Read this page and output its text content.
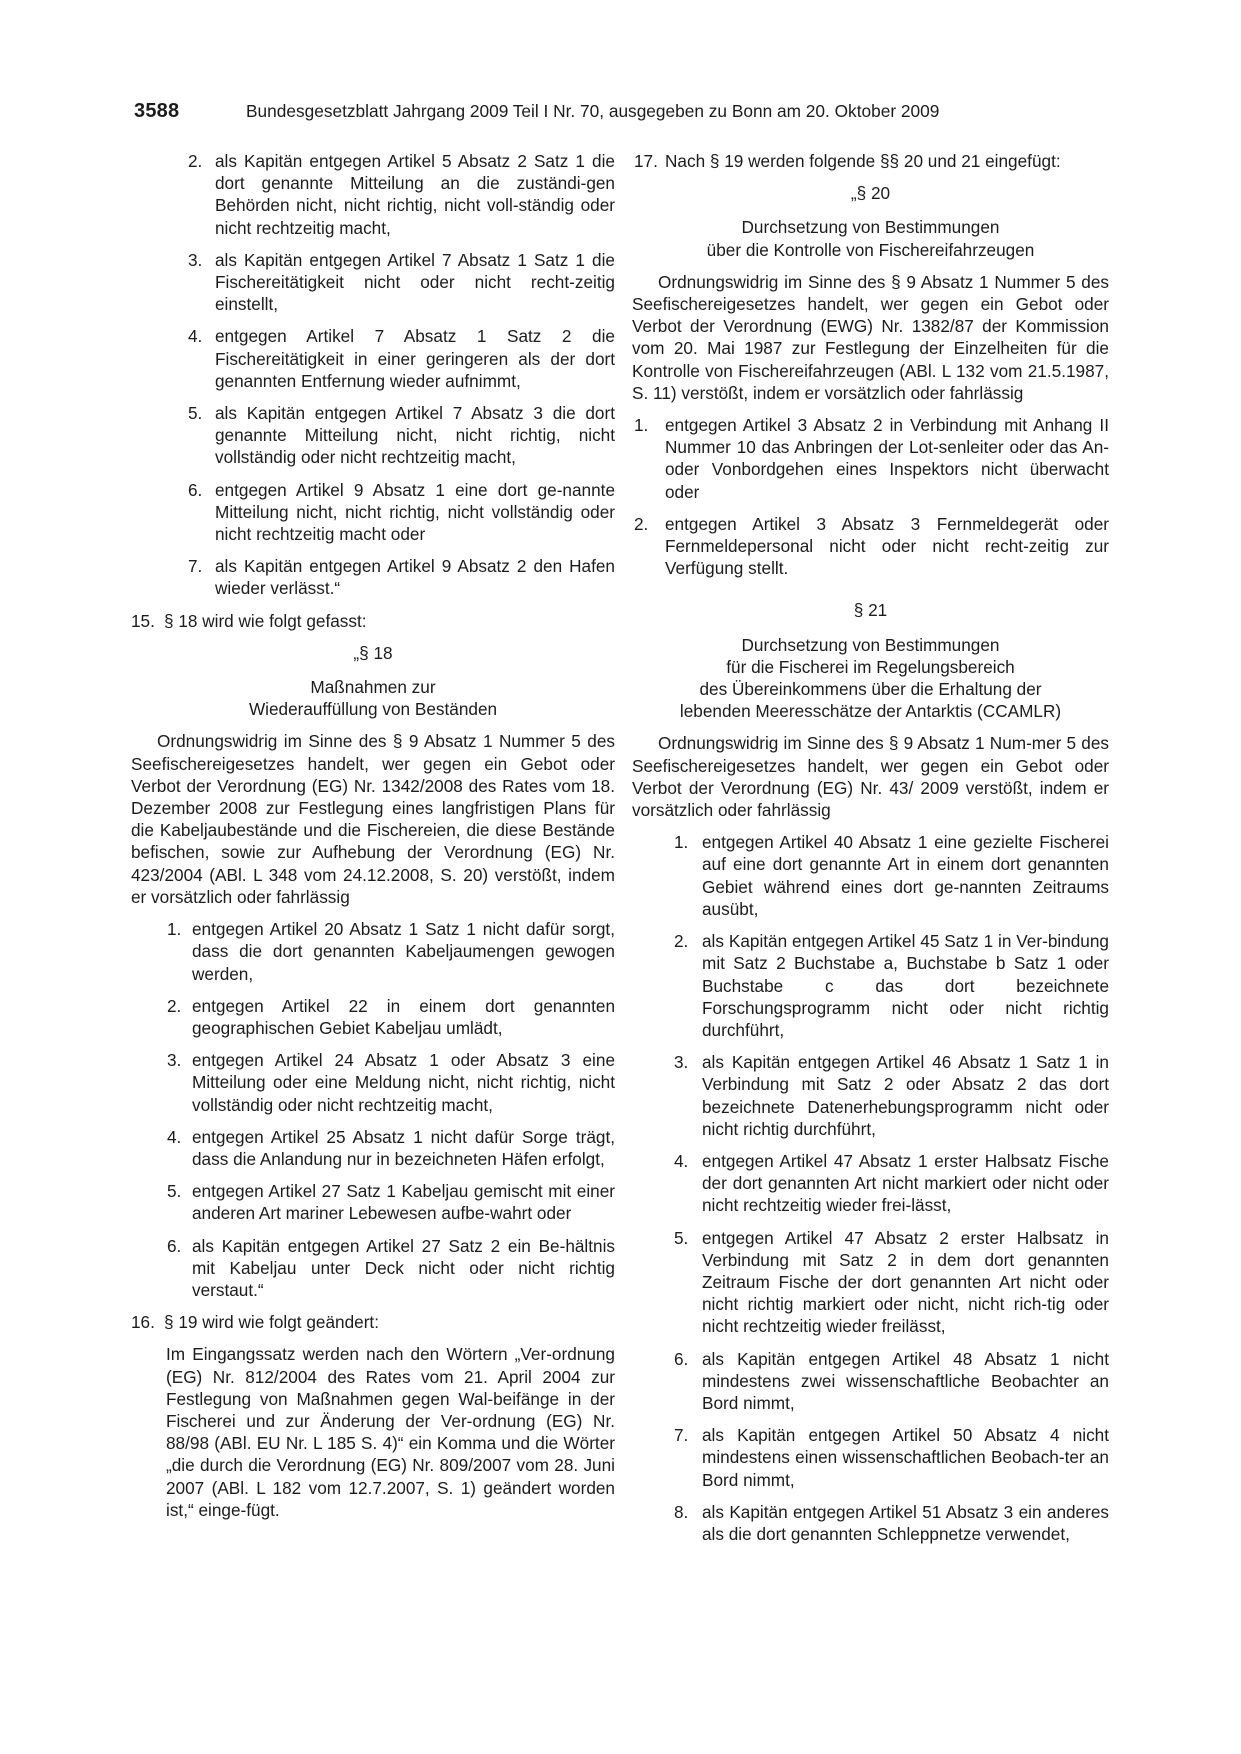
3588	Bundesgesetzblatt Jahrgang 2009 Teil I Nr. 70, ausgegeben zu Bonn am 20. Oktober 2009
2. als Kapitän entgegen Artikel 5 Absatz 2 Satz 1 die dort genannte Mitteilung an die zuständi-gen Behörden nicht, nicht richtig, nicht voll-ständig oder nicht rechtzeitig macht,
3. als Kapitän entgegen Artikel 7 Absatz 1 Satz 1 die Fischereitätigkeit nicht oder nicht recht-zeitig einstellt,
4. entgegen Artikel 7 Absatz 1 Satz 2 die Fischereitätigkeit in einer geringeren als der dort genannten Entfernung wieder aufnimmt,
5. als Kapitän entgegen Artikel 7 Absatz 3 die dort genannte Mitteilung nicht, nicht richtig, nicht vollständig oder nicht rechtzeitig macht,
6. entgegen Artikel 9 Absatz 1 eine dort ge-nannte Mitteilung nicht, nicht richtig, nicht vollständig oder nicht rechtzeitig macht oder
7. als Kapitän entgegen Artikel 9 Absatz 2 den Hafen wieder verlässt.“
15. § 18 wird wie folgt gefasst:
„§ 18
Maßnahmen zur
Wiederauffüllung von Beständen
Ordnungswidrig im Sinne des § 9 Absatz 1 Nummer 5 des Seefischereigesetzes handelt, wer gegen ein Gebot oder Verbot der Verordnung (EG) Nr. 1342/2008 des Rates vom 18. Dezember 2008 zur Festlegung eines langfristigen Plans für die Kabeljaubestände und die Fischereien, die diese Bestände befischen, sowie zur Aufhebung der Verordnung (EG) Nr. 423/2004 (ABl. L 348 vom 24.12.2008, S. 20) verstößt, indem er vorsätzlich oder fahrlässig
1. entgegen Artikel 20 Absatz 1 Satz 1 nicht dafür sorgt, dass die dort genannten Kabeljaumengen gewogen werden,
2. entgegen Artikel 22 in einem dort genannten geographischen Gebiet Kabeljau umlädt,
3. entgegen Artikel 24 Absatz 1 oder Absatz 3 eine Mitteilung oder eine Meldung nicht, nicht richtig, nicht vollständig oder nicht rechtzeitig macht,
4. entgegen Artikel 25 Absatz 1 nicht dafür Sorge trägt, dass die Anlandung nur in bezeichneten Häfen erfolgt,
5. entgegen Artikel 27 Satz 1 Kabeljau gemischt mit einer anderen Art mariner Lebewesen aufbe-wahrt oder
6. als Kapitän entgegen Artikel 27 Satz 2 ein Be-hältnis mit Kabeljau unter Deck nicht oder nicht richtig verstaut.“
16. § 19 wird wie folgt geändert:
Im Eingangssatz werden nach den Wörtern „Ver-ordnung (EG) Nr. 812/2004 des Rates vom 21. April 2004 zur Festlegung von Maßnahmen gegen Wal-beifänge in der Fischerei und zur Änderung der Ver-ordnung (EG) Nr. 88/98 (ABl. EU Nr. L 185 S. 4)“ ein Komma und die Wörter „die durch die Verordnung (EG) Nr. 809/2007 vom 28. Juni 2007 (ABl. L 182 vom 12.7.2007, S. 1) geändert worden ist,“ einge-fügt.
17. Nach § 19 werden folgende §§ 20 und 21 eingefügt:
„§ 20
Durchsetzung von Bestimmungen
über die Kontrolle von Fischereifahrzeugen
Ordnungswidrig im Sinne des § 9 Absatz 1 Nummer 5 des Seefischereigesetzes handelt, wer gegen ein Gebot oder Verbot der Verordnung (EWG) Nr. 1382/87 der Kommission vom 20. Mai 1987 zur Festlegung der Einzelheiten für die Kontrolle von Fischereifahrzeugen (ABl. L 132 vom 21.5.1987, S. 11) verstößt, indem er vorsätzlich oder fahrlässig
1. entgegen Artikel 3 Absatz 2 in Verbindung mit Anhang II Nummer 10 das Anbringen der Lot-senleiter oder das An- oder Vonbordgehen eines Inspektors nicht überwacht oder
2. entgegen Artikel 3 Absatz 3 Fernmeldegerät oder Fernmeldepersonal nicht oder nicht recht-zeitig zur Verfügung stellt.
§ 21
Durchsetzung von Bestimmungen
für die Fischerei im Regelungsbereich
des Übereinkommens über die Erhaltung der
lebenden Meeresschätze der Antarktis (CCAMLR)
Ordnungswidrig im Sinne des § 9 Absatz 1 Num-mer 5 des Seefischereigesetzes handelt, wer gegen ein Gebot oder Verbot der Verordnung (EG) Nr. 43/ 2009 verstößt, indem er vorsätzlich oder fahrlässig
1. entgegen Artikel 40 Absatz 1 eine gezielte Fischerei auf eine dort genannte Art in einem dort genannten Gebiet während eines dort ge-nannten Zeitraums ausübt,
2. als Kapitän entgegen Artikel 45 Satz 1 in Ver-bindung mit Satz 2 Buchstabe a, Buchstabe b Satz 1 oder Buchstabe c das dort bezeichnete Forschungsprogramm nicht oder nicht richtig durchführt,
3. als Kapitän entgegen Artikel 46 Absatz 1 Satz 1 in Verbindung mit Satz 2 oder Absatz 2 das dort bezeichnete Datenerhebungsprogramm nicht oder nicht richtig durchführt,
4. entgegen Artikel 47 Absatz 1 erster Halbsatz Fische der dort genannten Art nicht markiert oder nicht oder nicht rechtzeitig wieder frei-lässt,
5. entgegen Artikel 47 Absatz 2 erster Halbsatz in Verbindung mit Satz 2 in dem dort genannten Zeitraum Fische der dort genannten Art nicht oder nicht richtig markiert oder nicht, nicht rich-tig oder nicht rechtzeitig wieder freilässt,
6. als Kapitän entgegen Artikel 48 Absatz 1 nicht mindestens zwei wissenschaftliche Beobachter an Bord nimmt,
7. als Kapitän entgegen Artikel 50 Absatz 4 nicht mindestens einen wissenschaftlichen Beobach-ter an Bord nimmt,
8. als Kapitän entgegen Artikel 51 Absatz 3 ein anderes als die dort genannten Schleppnetze verwendet,
